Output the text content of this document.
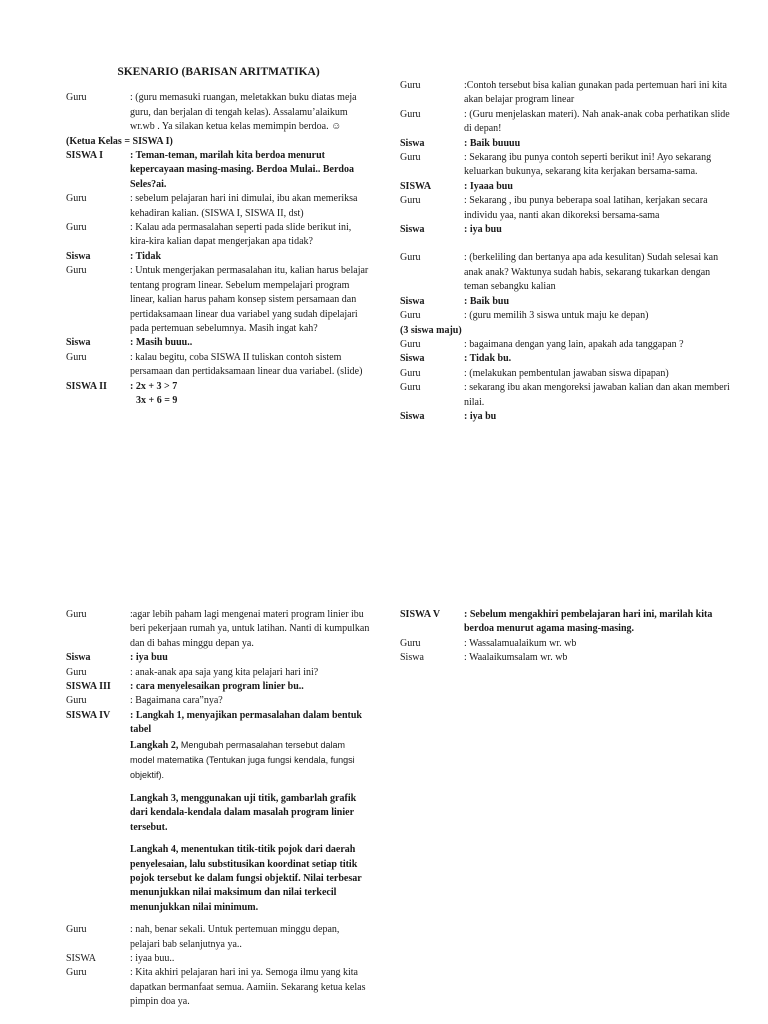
SKENARIO (BARISAN ARITMATIKA)
Guru	: (guru memasuki ruangan, meletakkan buku diatas meja guru, dan berjalan di tengah kelas). Assalamu’alaikum wr.wb . Ya silakan ketua kelas memimpin berdoa. ☺
(Ketua Kelas = SISWA I)
SISWA I	: Teman-teman, marilah kita berdoa menurut kepercayaan masing-masing. Berdoa Mulai.. Berdoa Seles?ai.
Guru	: sebelum pelajaran hari ini dimulai, ibu akan memeriksa kehadiran kalian. (SISWA I, SISWA II, dst)
Guru	: Kalau ada permasalahan seperti pada slide berikut ini, kira-kira kalian dapat mengerjakan apa tidak?
Siswa	: Tidak
Guru	: Untuk mengerjakan permasalahan itu, kalian harus belajar tentang program linear. Sebelum mempelajari program linear, kalian harus paham konsep sistem persamaan dan pertidaksamaan linear dua variabel yang sudah dipelajari pada pertemuan sebelumnya. Masih ingat kah?
Siswa	: Masih buuu..
Guru	: kalau begitu, coba SISWA II tuliskan contoh sistem persamaan dan pertidaksamaan linear dua variabel. (slide)
SISWA II	: 2x + 3 > 7
3x + 6 = 9
Guru	:Contoh tersebut bisa kalian gunakan pada pertemuan hari ini kita akan belajar program linear
Guru	: (Guru menjelaskan materi). Nah anak-anak coba perhatikan slide di depan!
Siswa	: Baik buuuu
Guru	: Sekarang ibu punya contoh seperti berikut ini! Ayo sekarang keluarkan bukunya, sekarang kita kerjakan bersama-sama.
SISWA	: Iyaaa buu
Guru	: Sekarang , ibu punya beberapa soal latihan, kerjakan secara individu yaa, nanti akan dikoreksi bersama-sama
Siswa	: iya buu
Guru	: (berkeliling dan bertanya apa ada kesulitan) Sudah selesai kan anak anak? Waktunya sudah habis, sekarang tukarkan dengan teman sebangku kalian
Siswa	: Baik buu
Guru	: (guru memilih 3 siswa untuk maju ke depan)
(3 siswa maju)
Guru	: bagaimana dengan yang lain, apakah ada tanggapan ?
Siswa	: Tidak bu.
Guru	: (melakukan pembentulan jawaban siswa dipapan)
Guru	: sekarang ibu akan mengoreksi jawaban kalian dan akan memberi nilai.
Siswa	: iya bu
Guru	:agar lebih paham lagi mengenai materi program linier ibu beri pekerjaan rumah ya, untuk latihan. Nanti di kumpulkan dan di bahas minggu depan ya.
Siswa	: iya buu
Guru	: anak-anak apa saja yang kita pelajari hari ini?
SISWA III	: cara menyelesaikan program linier bu..
Guru	: Bagaimana cara”nya?
SISWA IV	: Langkah 1, menyajikan permasalahan dalam bentuk tabel
Langkah 2, Mengubah permasalahan tersebut dalam model matematika (Tentukan juga fungsi kendala, fungsi objektif).
Langkah 3, menggunakan uji titik, gambarlah grafik dari kendala-kendala dalam masalah program linier tersebut.
Langkah 4, menentukan titik-titik pojok dari daerah penyelesaian, lalu substitusikan koordinat setiap titik pojok tersebut ke dalam fungsi objektif. Nilai terbesar menunjukkan nilai maksimum dan nilai terkecil menunjukkan nilai minimum.
Guru	: nah, benar sekali. Untuk pertemuan minggu depan, pelajari bab selanjutnya ya..
SISWA	: iyaa buu..
Guru	: Kita akhiri pelajaran hari ini ya. Semoga ilmu yang kita dapatkan bermanfaat semua. Aamiin. Sekarang ketua kelas pimpin doa ya.
SISWA V	: Sebelum mengakhiri pembelajaran hari ini, marilah kita berdoa menurut agama masing-masing.
Guru	: Wassalamualaikum wr. wb
Siswa	: Waalaikumsalam wr. wb
